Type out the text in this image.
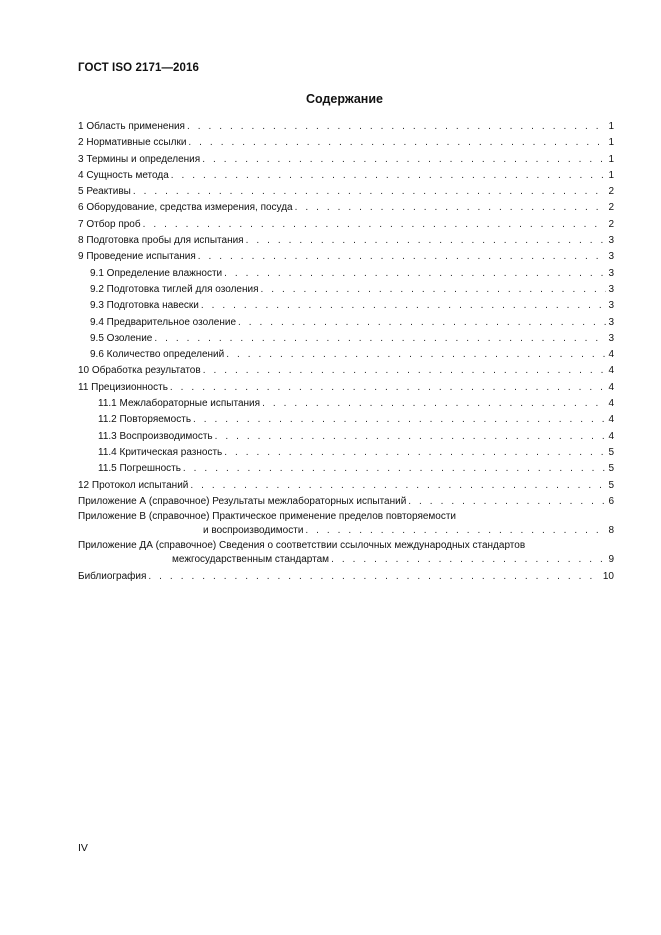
ГОСТ ISO 2171—2016
Содержание
1 Область применения . . .	1
2 Нормативные ссылки . . .	1
3 Термины и определения . . .	1
4 Сущность метода . . .	1
5 Реактивы . . .	2
6 Оборудование, средства измерения, посуда . . .	2
7 Отбор проб . . .	2
8 Подготовка пробы для испытания . . .	3
9 Проведение испытания . . .	3
9.1 Определение влажности . . .	3
9.2 Подготовка тиглей для озоления . . .	3
9.3 Подготовка навески . . .	3
9.4 Предварительное озоление . . .	3
9.5 Озоление . . .	3
9.6 Количество определений . . .	4
10 Обработка результатов . . .	4
11 Прецизионность . . .	4
11.1 Межлабораторные испытания . . .	4
11.2 Повторяемость . . .	4
11.3 Воспроизводимость . . .	4
11.4 Критическая разность . . .	5
11.5 Погрешность . . .	5
12 Протокол испытаний . . .	5
Приложение А (справочное) Результаты межлабораторных испытаний . . .	6
Приложение В (справочное) Практическое применение пределов повторяемости
и воспроизводимости . . .	8
Приложение ДА (справочное) Сведения о соответствии ссылочных международных стандартов
межгосударственным стандартам . . .	9
Библиография . . .	10
IV
